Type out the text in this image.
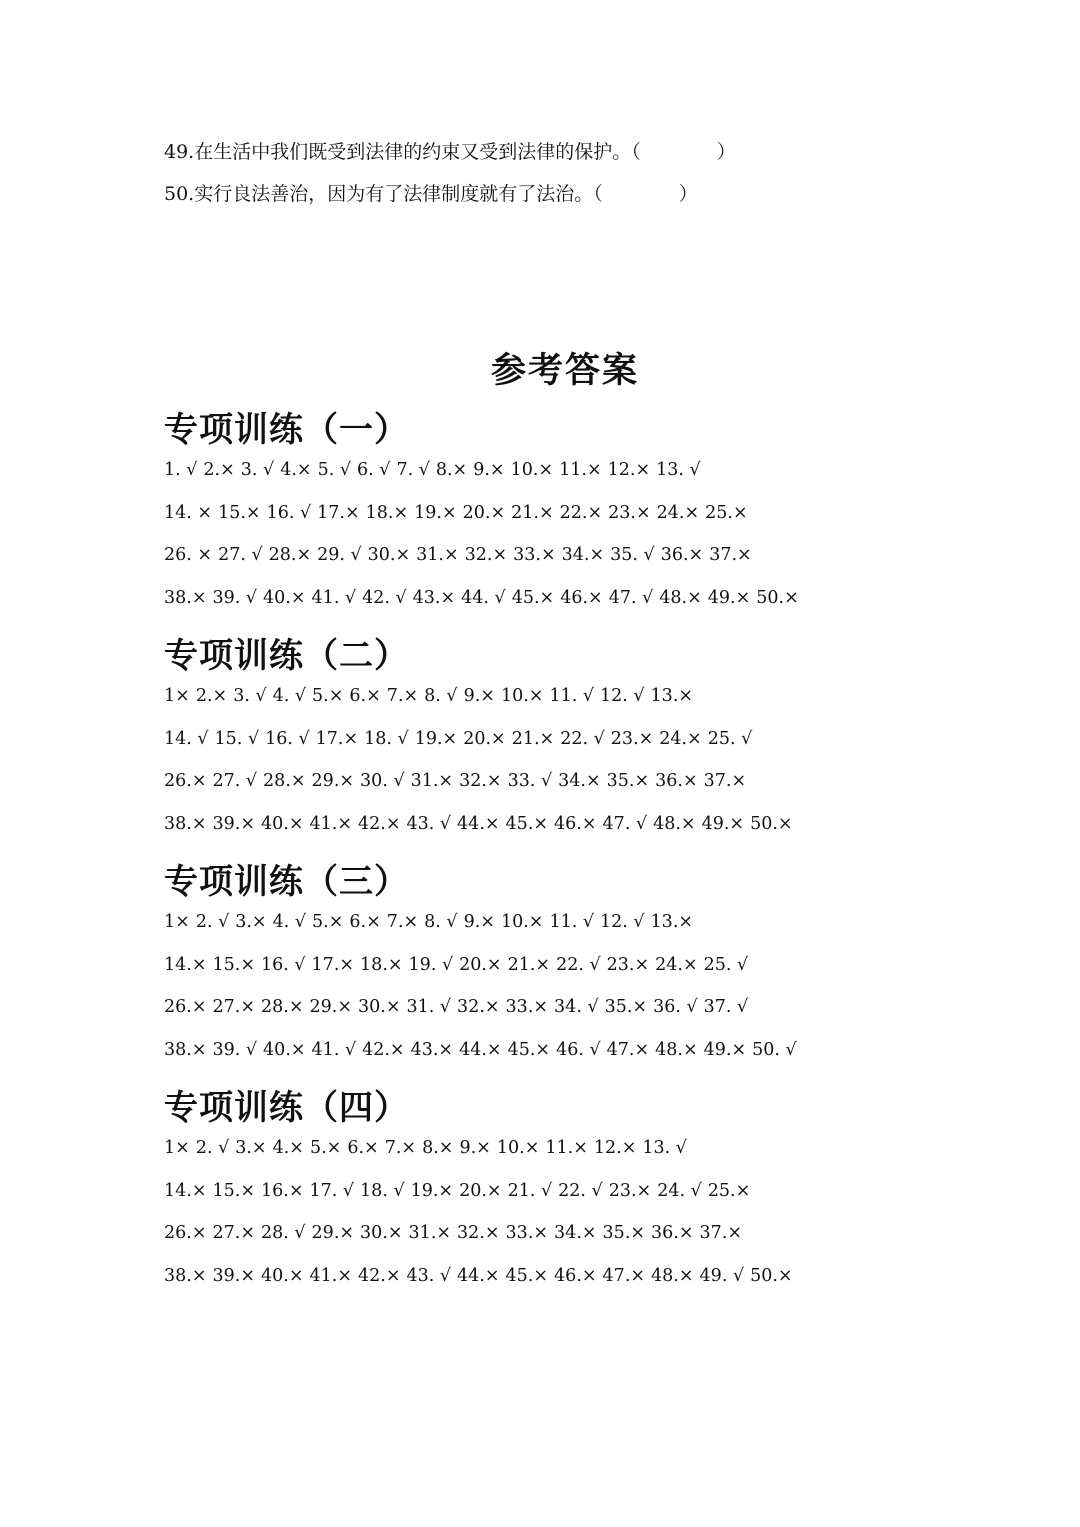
49.在生活中我们既受到法律的约束又受到法律的保护。（　　　　）
50.实行良法善治，因为有了法律制度就有了法治。（　　　　）
参考答案
专项训练（一）
1. √ 2.× 3. √ 4.× 5. √ 6. √ 7. √ 8.× 9.× 10.× 11.× 12.× 13. √
14. × 15.× 16. √ 17.× 18.× 19.× 20.× 21.× 22.× 23.× 24.× 25.×
26. × 27. √ 28.× 29. √ 30.× 31.× 32.× 33.× 34.× 35. √ 36.× 37.×
38.× 39. √ 40.× 41. √ 42. √ 43.× 44. √ 45.× 46.× 47. √ 48.× 49.× 50.×
专项训练（二）
1× 2.× 3. √ 4. √ 5.× 6.× 7.× 8. √ 9.× 10.× 11. √ 12. √ 13.×
14. √ 15. √ 16. √ 17.× 18. √ 19.× 20.× 21.× 22. √ 23.× 24.× 25. √
26.× 27. √ 28.× 29.× 30. √ 31.× 32.× 33. √ 34.× 35.× 36.× 37.×
38.× 39.× 40.× 41.× 42.× 43. √ 44.× 45.× 46.× 47. √ 48.× 49.× 50.×
专项训练（三）
1× 2. √ 3.× 4. √ 5.× 6.× 7.× 8. √ 9.× 10.× 11. √ 12. √ 13.×
14.× 15.× 16. √ 17.× 18.× 19. √ 20.× 21.× 22. √ 23.× 24.× 25. √
26.× 27.× 28.× 29.× 30.× 31. √ 32.× 33.× 34. √ 35.× 36. √ 37. √
38.× 39. √ 40.× 41. √ 42.× 43.× 44.× 45.× 46. √ 47.× 48.× 49.× 50. √
专项训练（四）
1× 2. √ 3.× 4.× 5.× 6.× 7.× 8.× 9.× 10.× 11.× 12.× 13. √
14.× 15.× 16.× 17. √ 18. √ 19.× 20.× 21. √ 22. √ 23.× 24. √ 25.×
26.× 27.× 28. √ 29.× 30.× 31.× 32.× 33.× 34.× 35.× 36.× 37.×
38.× 39.× 40.× 41.× 42.× 43. √ 44.× 45.× 46.× 47.× 48.× 49. √ 50.×
